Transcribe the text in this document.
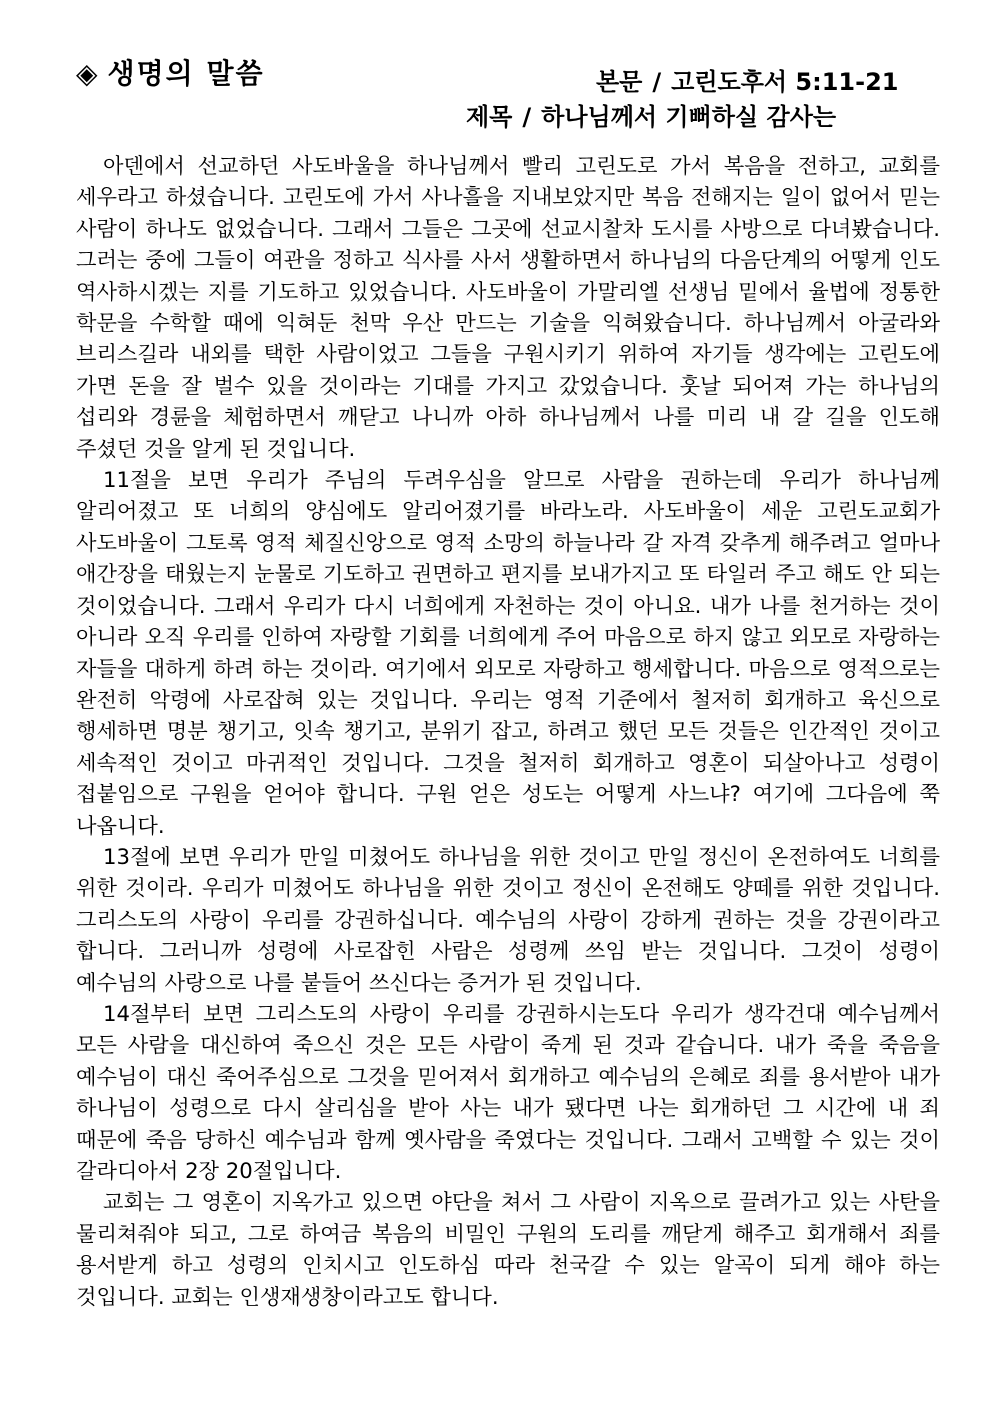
◈ 생명의 말씀	본문 / 고린도후서 5:11-21
제목 / 하나님께서 기뻐하실 감사는

아덴에서 선교하던 사도바울을 하나님께서 빨리 고린도로 가서 복음을 전하고, 교회를 세우라고 하셨습니다. 고린도에 가서 사나흘을 지내보았지만 복음 전해지는 일이 없어서 믿는 사람이 하나도 없었습니다. 그래서 그들은 그곳에 선교시찰차 도시를 사방으로 다녀봤습니다. 그러는 중에 그들이 여관을 정하고 식사를 사서 생활하면서 하나님의 다음단계의 어떻게 인도 역사하시겠는 지를 기도하고 있었습니다. 사도바울이 가말리엘 선생님 밑에서 율법에 정통한 학문을 수학할 때에 익혀둔 천막 우산 만드는 기술을 익혀왔습니다. 하나님께서 아굴라와 브리스길라 내외를 택한 사람이었고 그들을 구원시키기 위하여 자기들 생각에는 고린도에 가면 돈을 잘 벌수 있을 것이라는 기대를 가지고 갔었습니다. 훗날 되어져 가는 하나님의 섭리와 경륜을 체험하면서 깨닫고 나니까 아하 하나님께서 나를 미리 내 갈 길을 인도해 주셨던 것을 알게 된 것입니다.

11절을 보면 우리가 주님의 두려우심을 알므로 사람을 권하는데 우리가 하나님께 알리어졌고 또 너희의 양심에도 알리어졌기를 바라노라. 사도바울이 세운 고린도교회가 사도바울이 그토록 영적 체질신앙으로 영적 소망의 하늘나라 갈 자격 갖추게 해주려고 얼마나 애간장을 태웠는지 눈물로 기도하고 권면하고 편지를 보내가지고 또 타일러 주고 해도 안 되는 것이었습니다. 그래서 우리가 다시 너희에게 자천하는 것이 아니요. 내가 나를 천거하는 것이 아니라 오직 우리를 인하여 자랑할 기회를 너희에게 주어 마음으로 하지 않고 외모로 자랑하는 자들을 대하게 하려 하는 것이라. 여기에서 외모로 자랑하고 행세합니다. 마음으로 영적으로는 완전히 악령에 사로잡혀 있는 것입니다. 우리는 영적 기준에서 철저히 회개하고 육신으로 행세하면 명분 챙기고, 잇속 챙기고, 분위기 잡고, 하려고 했던 모든 것들은 인간적인 것이고 세속적인 것이고 마귀적인 것입니다. 그것을 철저히 회개하고 영혼이 되살아나고 성령이 접붙임으로 구원을 얻어야 합니다. 구원 얻은 성도는 어떻게 사느냐? 여기에 그다음에 쭉 나옵니다.

13절에 보면 우리가 만일 미쳤어도 하나님을 위한 것이고 만일 정신이 온전하여도 너희를 위한 것이라. 우리가 미쳤어도 하나님을 위한 것이고 정신이 온전해도 양떼를 위한 것입니다. 그리스도의 사랑이 우리를 강권하십니다. 예수님의 사랑이 강하게 권하는 것을 강권이라고 합니다. 그러니까 성령에 사로잡힌 사람은 성령께 쓰임 받는 것입니다. 그것이 성령이 예수님의 사랑으로 나를 붙들어 쓰신다는 증거가 된 것입니다.

14절부터 보면 그리스도의 사랑이 우리를 강권하시는도다 우리가 생각건대 예수님께서 모든 사람을 대신하여 죽으신 것은 모든 사람이 죽게 된 것과 같습니다. 내가 죽을 죽음을 예수님이 대신 죽어주심으로 그것을 믿어져서 회개하고 예수님의 은혜로 죄를 용서받아 내가 하나님이 성령으로 다시 살리심을 받아 사는 내가 됐다면 나는 회개하던 그 시간에 내 죄 때문에 죽음 당하신 예수님과 함께 옛사람을 죽였다는 것입니다. 그래서 고백할 수 있는 것이 갈라디아서 2장 20절입니다.

교회는 그 영혼이 지옥가고 있으면 야단을 쳐서 그 사람이 지옥으로 끌려가고 있는 사탄을 물리쳐줘야 되고, 그로 하여금 복음의 비밀인 구원의 도리를 깨닫게 해주고 회개해서 죄를 용서받게 하고 성령의 인치시고 인도하심 따라 천국갈 수 있는 알곡이 되게 해야 하는 것입니다. 교회는 인생재생창이라고도 합니다.
